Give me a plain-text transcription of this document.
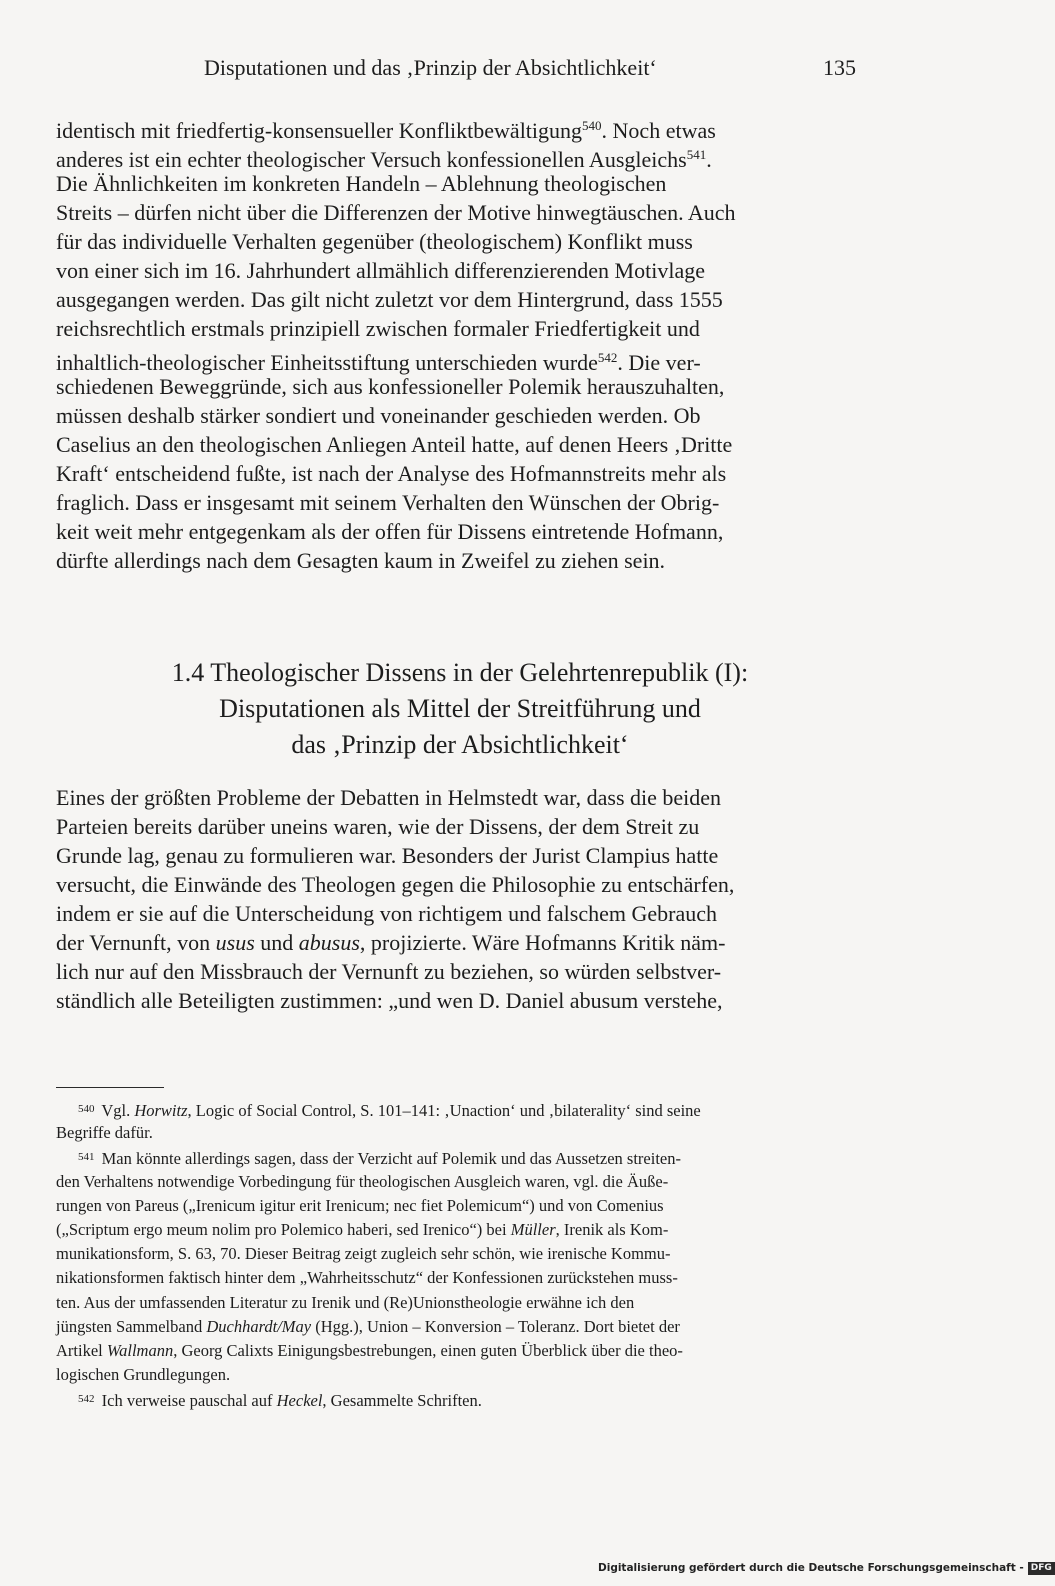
Disputationen und das ‚Prinzip der Absichtlichkeit‘	135

identisch mit friedfertig-konsensueller Konfliktbewältigung$^{540}$. Noch etwas
anderes ist ein echter theologischer Versuch konfessionellen Ausgleichs$^{541}$.
Die Ähnlichkeiten im konkreten Handeln – Ablehnung theologischen
Streits – dürfen nicht über die Differenzen der Motive hinwegtäuschen. Auch
für das individuelle Verhalten gegenüber (theologischem) Konflikt muss
von einer sich im 16. Jahrhundert allmählich differenzierenden Motivlage
ausgegangen werden. Das gilt nicht zuletzt vor dem Hintergrund, dass 1555
reichsrechtlich erstmals prinzipiell zwischen formaler Friedfertigkeit und
inhaltlich-theologischer Einheitsstiftung unterschieden wurde$^{542}$. Die ver-
schiedenen Beweggründe, sich aus konfessioneller Polemik herauszuhalten,
müssen deshalb stärker sondiert und voneinander geschieden werden. Ob
Caselius an den theologischen Anliegen Anteil hatte, auf denen Heers ‚Dritte
Kraft‘ entscheidend fußte, ist nach der Analyse des Hofmannstreits mehr als
fraglich. Dass er insgesamt mit seinem Verhalten den Wünschen der Obrig-
keit weit mehr entgegenkam als der offen für Dissens eintretende Hofmann,
dürfte allerdings nach dem Gesagten kaum in Zweifel zu ziehen sein.

1.4 Theologischer Dissens in der Gelehrtenrepublik (I):
Disputationen als Mittel der Streitführung und
das ‚Prinzip der Absichtlichkeit‘

Eines der größten Probleme der Debatten in Helmstedt war, dass die beiden
Parteien bereits darüber uneins waren, wie der Dissens, der dem Streit zu
Grunde lag, genau zu formulieren war. Besonders der Jurist Clampius hatte
versucht, die Einwände des Theologen gegen die Philosophie zu entschärfen,
indem er sie auf die Unterscheidung von richtigem und falschem Gebrauch
der Vernunft, von usus und abusus, projizierte. Wäre Hofmanns Kritik näm-
lich nur auf den Missbrauch der Vernunft zu beziehen, so würden selbstver-
ständlich alle Beteiligten zustimmen: „und wen D. Daniel abusum verstehe,

$^{540}$ Vgl. Horwitz, Logic of Social Control, S. 101–141: ‚Unaction‘ und ‚bilaterality‘ sind seine
Begriffe dafür.

$^{541}$ Man könnte allerdings sagen, dass der Verzicht auf Polemik und das Aussetzen streiten-
den Verhaltens notwendige Vorbedingung für theologischen Ausgleich waren, vgl. die Äuße-
rungen von Pareus („Irenicum igitur erit Irenicum; nec fiet Polemicum“) und von Comenius
(„Scriptum ergo meum nolim pro Polemico haberi, sed Irenico“) bei Müller, Irenik als Kom-
munikationsform, S. 63, 70. Dieser Beitrag zeigt zugleich sehr schön, wie irenische Kommu-
nikationsformen faktisch hinter dem „Wahrheitsschutz“ der Konfessionen zurückstehen muss-
ten. Aus der umfassenden Literatur zu Irenik und (Re)Unionstheologie erwähne ich den
jüngsten Sammelband Duchhardt/May (Hgg.), Union – Konversion – Toleranz. Dort bietet der
Artikel Wallmann, Georg Calixts Einigungsbestrebungen, einen guten Überblick über die theo-
logischen Grundlegungen.

$^{542}$ Ich verweise pauschal auf Heckel, Gesammelte Schriften.

Digitalisierung gefördert durch die Deutsche Forschungsgemeinschaft - DFG
